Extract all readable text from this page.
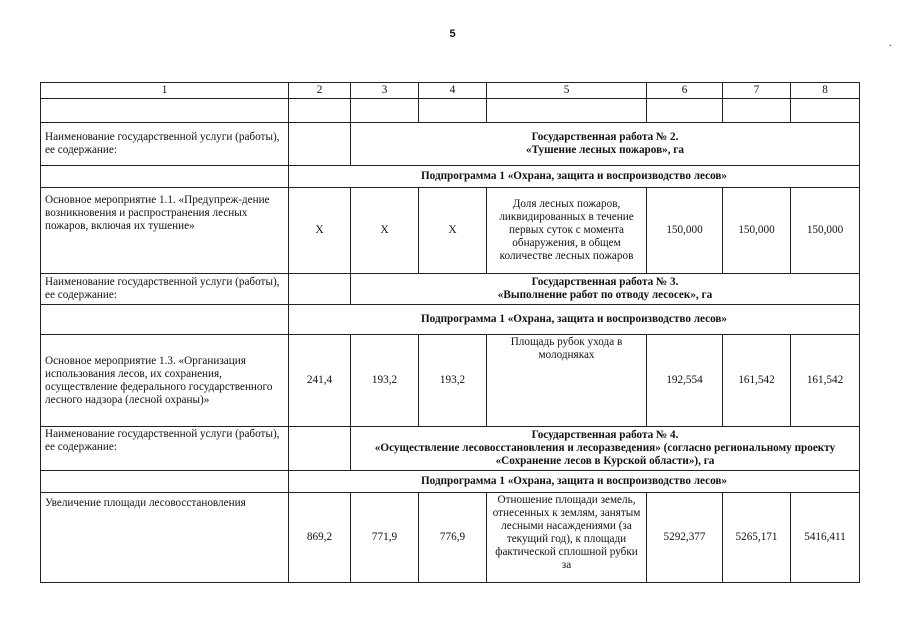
5
.
1	2	3	4	5	6	7	8

Наименование государственной услуги (работы), ее содержание:		Государственная работа № 2.
«Тушение лесных пожаров», га					

	Подпрограмма 1 «Охрана, защита и воспроизводство лесов»						
Основное мероприятие 1.1. «Предупреж-дение возникновения и распространения лесных пожаров, включая их тушение»	Х	Х	Х	Доля лесных пожаров, ликвидированных в течение первых суток с момента обнаружения, в общем количестве лесных пожаров	150,000	150,000	150,000
Наименование государственной услуги (работы), ее содержание:		Государственная работа № 3.
«Выполнение работ по отводу лесосек», га					

	Подпрограмма 1 «Охрана, защита и воспроизводство лесов»						
Основное мероприятие 1.3. «Организация использования лесов, их сохранения, осуществление федерального государственного лесного надзора (лесной охраны)»	241,4	193,2	193,2	Площадь рубок ухода в молодняках	192,554	161,542	161,542
Наименование государственной услуги (работы), ее содержание:		Государственная работа № 4.
«Осуществление лесовосстановления и лесоразведения» (согласно региональному проекту «Сохранение лесов в Курской области»), га					

	Подпрограмма 1 «Охрана, защита и воспроизводство лесов»						
Увеличение площади лесовосстановления	869,2	771,9	776,9	Отношение площади земель, отнесенных к землям, занятым лесными насаждениями (за текущий год), к площади фактической сплошной рубки за	5292,377	5265,171	5416,411
